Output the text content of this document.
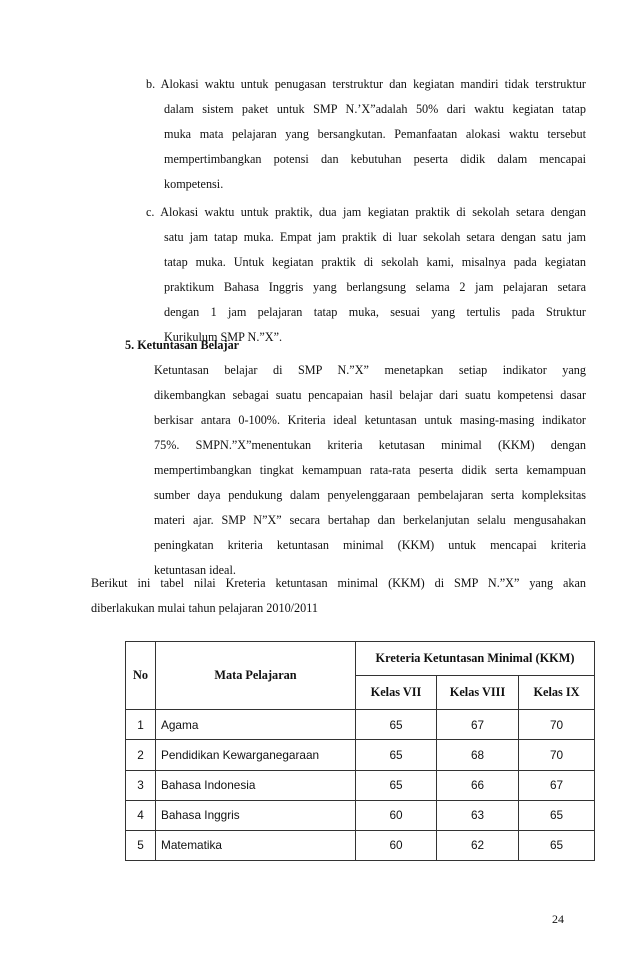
b. Alokasi waktu untuk penugasan terstruktur dan kegiatan mandiri tidak terstruktur
dalam sistem paket untuk SMP N.’X”adalah 50% dari waktu kegiatan tatap
muka mata pelajaran yang bersangkutan. Pemanfaatan alokasi waktu tersebut
mempertimbangkan potensi dan kebutuhan peserta didik dalam mencapai
kompetensi.
c. Alokasi waktu untuk praktik, dua jam kegiatan praktik di sekolah setara dengan
satu jam tatap muka. Empat jam praktik di luar sekolah setara dengan satu jam
tatap muka. Untuk kegiatan praktik di sekolah kami, misalnya pada kegiatan
praktikum Bahasa Inggris yang berlangsung selama 2 jam pelajaran setara
dengan 1 jam pelajaran tatap muka, sesuai yang tertulis pada Struktur
Kurikulum SMP N.”X”.
5. Ketuntasan Belajar
Ketuntasan belajar di SMP N.”X” menetapkan setiap indikator yang
dikembangkan sebagai suatu pencapaian hasil belajar dari suatu kompetensi dasar
berkisar antara 0-100%. Kriteria ideal ketuntasan untuk masing-masing indikator
75%. SMPN.”X”menentukan kriteria ketutasan minimal (KKM) dengan
mempertimbangkan tingkat kemampuan rata-rata peserta didik serta kemampuan
sumber daya pendukung dalam penyelenggaraan pembelajaran serta kompleksitas
materi ajar. SMP N”X” secara bertahap dan berkelanjutan selalu mengusahakan
peningkatan kriteria ketuntasan minimal (KKM) untuk mencapai kriteria
ketuntasan ideal.
Berikut ini tabel nilai Kreteria ketuntasan minimal (KKM) di SMP N.”X” yang akan
diberlakukan mulai tahun pelajaran 2010/2011
No	Mata Pelajaran	Kreteria Ketuntasan Minimal (KKM)		
		Kelas VII	Kelas VIII	Kelas IX
1	Agama	65	67	70
2	Pendidikan Kewarganegaraan	65	68	70
3	Bahasa Indonesia	65	66	67
4	Bahasa Inggris	60	63	65
5	Matematika	60	62	65
24
